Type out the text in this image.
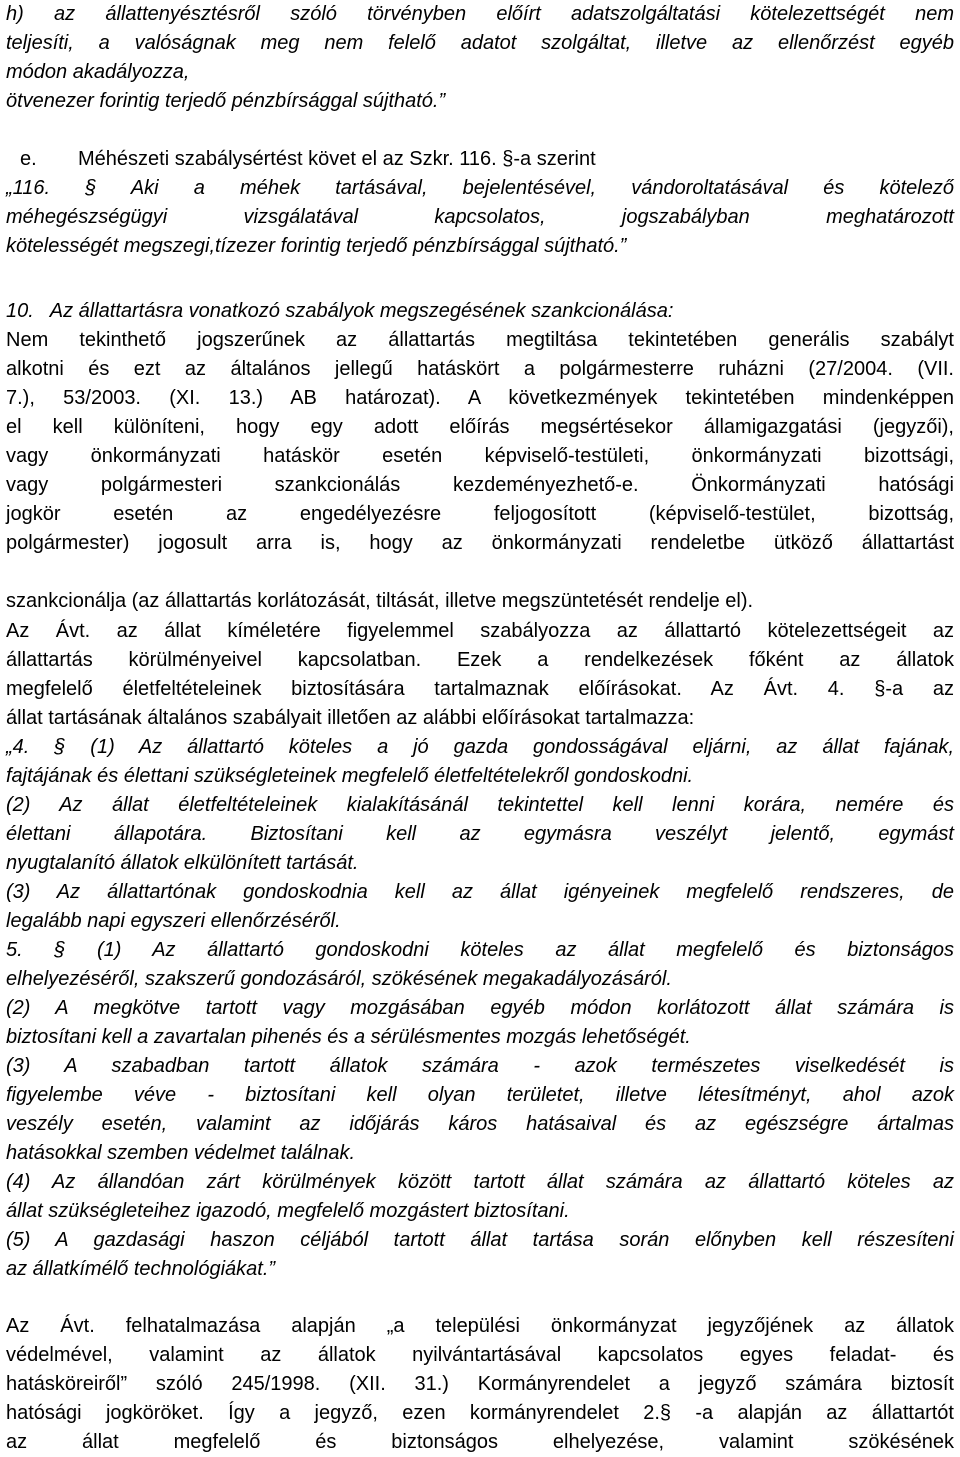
h) az állattenyésztésről szóló törvényben előírt adatszolgáltatási kötelezettségét nem
teljesíti, a valóságnak meg nem felelő adatot szolgáltat, illetve az ellenőrzést egyéb
módon akadályozza,
ötvenezer forintig terjedő pénzbírsággal sújtható.”
e.	Méhészeti szabálysértést követ el az Szkr. 116. §-a szerint
„116. § Aki a méhek tartásával, bejelentésével, vándoroltatásával és kötelező
méhegészségügyi vizsgálatával kapcsolatos, jogszabályban meghatározott
kötelességét megszegi,tízezer forintig terjedő pénzbírsággal sújtható.”
10.   Az állattartásra vonatkozó szabályok megszegésének szankcionálása:
Nem tekinthető jogszerűnek az állattartás megtiltása tekintetében generális szabályt
alkotni és ezt az általános jellegű hatáskört a polgármesterre ruházni (27/2004. (VII.
7.), 53/2003. (XI. 13.) AB határozat). A következmények tekintetében mindenképpen
el kell különíteni, hogy egy adott előírás megsértésekor államigazgatási (jegyzői),
vagy önkormányzati hatáskör esetén képviselő-testületi, önkormányzati bizottsági,
vagy polgármesteri szankcionálás kezdeményezhető-e. Önkormányzati hatósági
jogkör esetén az engedélyezésre feljogosított (képviselő-testület, bizottság,
polgármester) jogosult arra is, hogy az önkormányzati rendeletbe ütköző állattartást
szankcionálja (az állattartás korlátozását, tiltását, illetve megszüntetését rendelje el).
Az Ávt. az állat kíméletére figyelemmel szabályozza az állattartó kötelezettségeit az
állattartás körülményeivel kapcsolatban. Ezek a rendelkezések főként az állatok
megfelelő életfeltételeinek biztosítására tartalmaznak előírásokat. Az Ávt. 4. §-a az
állat tartásának általános szabályait illetően az alábbi előírásokat tartalmazza:
„4. § (1) Az állattartó köteles a jó gazda gondosságával eljárni, az állat fajának,
fajtájának és élettani szükségleteinek megfelelő életfeltételekről gondoskodni.
(2) Az állat életfeltételeinek kialakításánál tekintettel kell lenni korára, nemére és
élettani állapotára. Biztosítani kell az egymásra veszélyt jelentő, egymást
nyugtalanító állatok elkülönített tartását.
(3) Az állattartónak gondoskodnia kell az állat igényeinek megfelelő rendszeres, de
legalább napi egyszeri ellenőrzéséről.
5. § (1) Az állattartó gondoskodni köteles az állat megfelelő és biztonságos
elhelyezéséről, szakszerű gondozásáról, szökésének megakadályozásáról.
(2) A megkötve tartott vagy mozgásában egyéb módon korlátozott állat számára is
biztosítani kell a zavartalan pihenés és a sérülésmentes mozgás lehetőségét.
(3) A szabadban tartott állatok számára - azok természetes viselkedését is
figyelembe véve - biztosítani kell olyan területet, illetve létesítményt, ahol azok
veszély esetén, valamint az időjárás káros hatásaival és az egészségre ártalmas
hatásokkal szemben védelmet találnak.
(4) Az állandóan zárt körülmények között tartott állat számára az állattartó köteles az
állat szükségleteihez igazodó, megfelelő mozgástert biztosítani.
(5) A gazdasági haszon céljából tartott állat tartása során előnyben kell részesíteni
az állatkímélő technológiákat.”
Az Ávt. felhatalmazása alapján „a települési önkormányzat jegyzőjének az állatok
védelmével, valamint az állatok nyilvántartásával kapcsolatos egyes feladat- és
hatásköreiről” szóló 245/1998. (XII. 31.) Kormányrendelet a jegyző számára biztosít
hatósági jogköröket. Így a jegyző, ezen kormányrendelet 2.§ -a alapján az állattartót
az állat megfelelő és biztonságos elhelyezése, valamint szökésének
